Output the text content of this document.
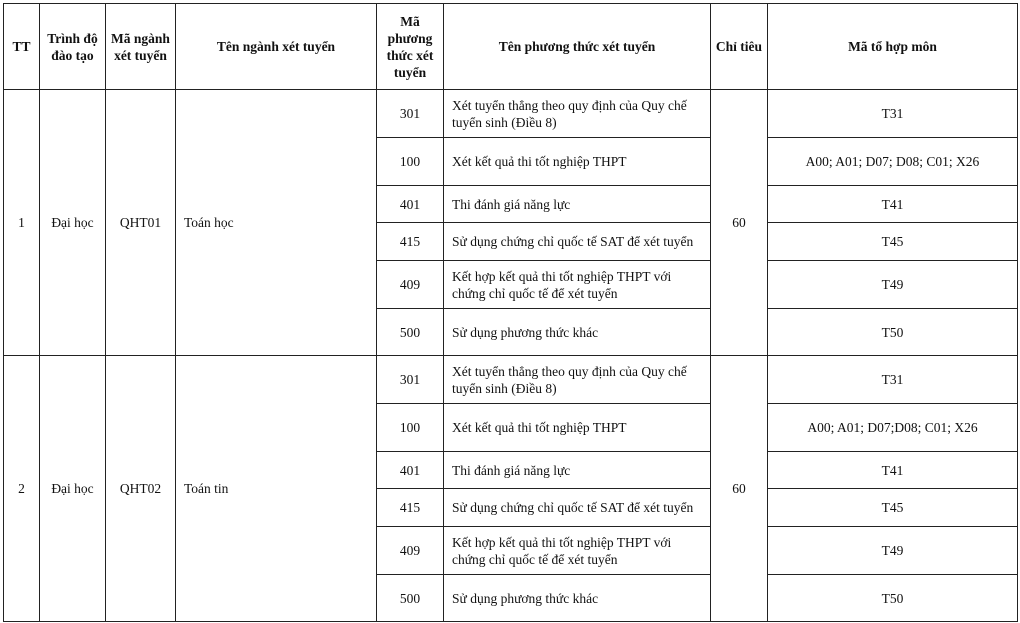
TT	Trình độ đào tạo	Mã ngành xét tuyển	Tên ngành xét tuyển	Mã phương thức xét tuyển	Tên phương thức xét tuyển	Chỉ tiêu	Mã tổ hợp môn
1	Đại học	QHT01	Toán học	301	Xét tuyển thẳng theo quy định của Quy chế tuyển sinh (Điều 8)	60	T31
				100	Xét kết quả thi tốt nghiệp THPT		A00; A01; D07; D08; C01; X26
				401	Thi đánh giá năng lực		T41
				415	Sử dụng chứng chỉ quốc tế SAT để xét tuyển		T45
				409	Kết hợp kết quả thi tốt nghiệp THPT với chứng chỉ quốc tế để xét tuyển		T49
				500	Sử dụng phương thức khác		T50
2	Đại học	QHT02	Toán tin	301	Xét tuyển thẳng theo quy định của Quy chế tuyển sinh (Điều 8)	60	T31
				100	Xét kết quả thi tốt nghiệp THPT		A00; A01; D07;D08; C01; X26
				401	Thi đánh giá năng lực		T41
				415	Sử dụng chứng chỉ quốc tế SAT để xét tuyển		T45
				409	Kết hợp kết quả thi tốt nghiệp THPT với chứng chỉ quốc tế để xét tuyển		T49
				500	Sử dụng phương thức khác		T50
